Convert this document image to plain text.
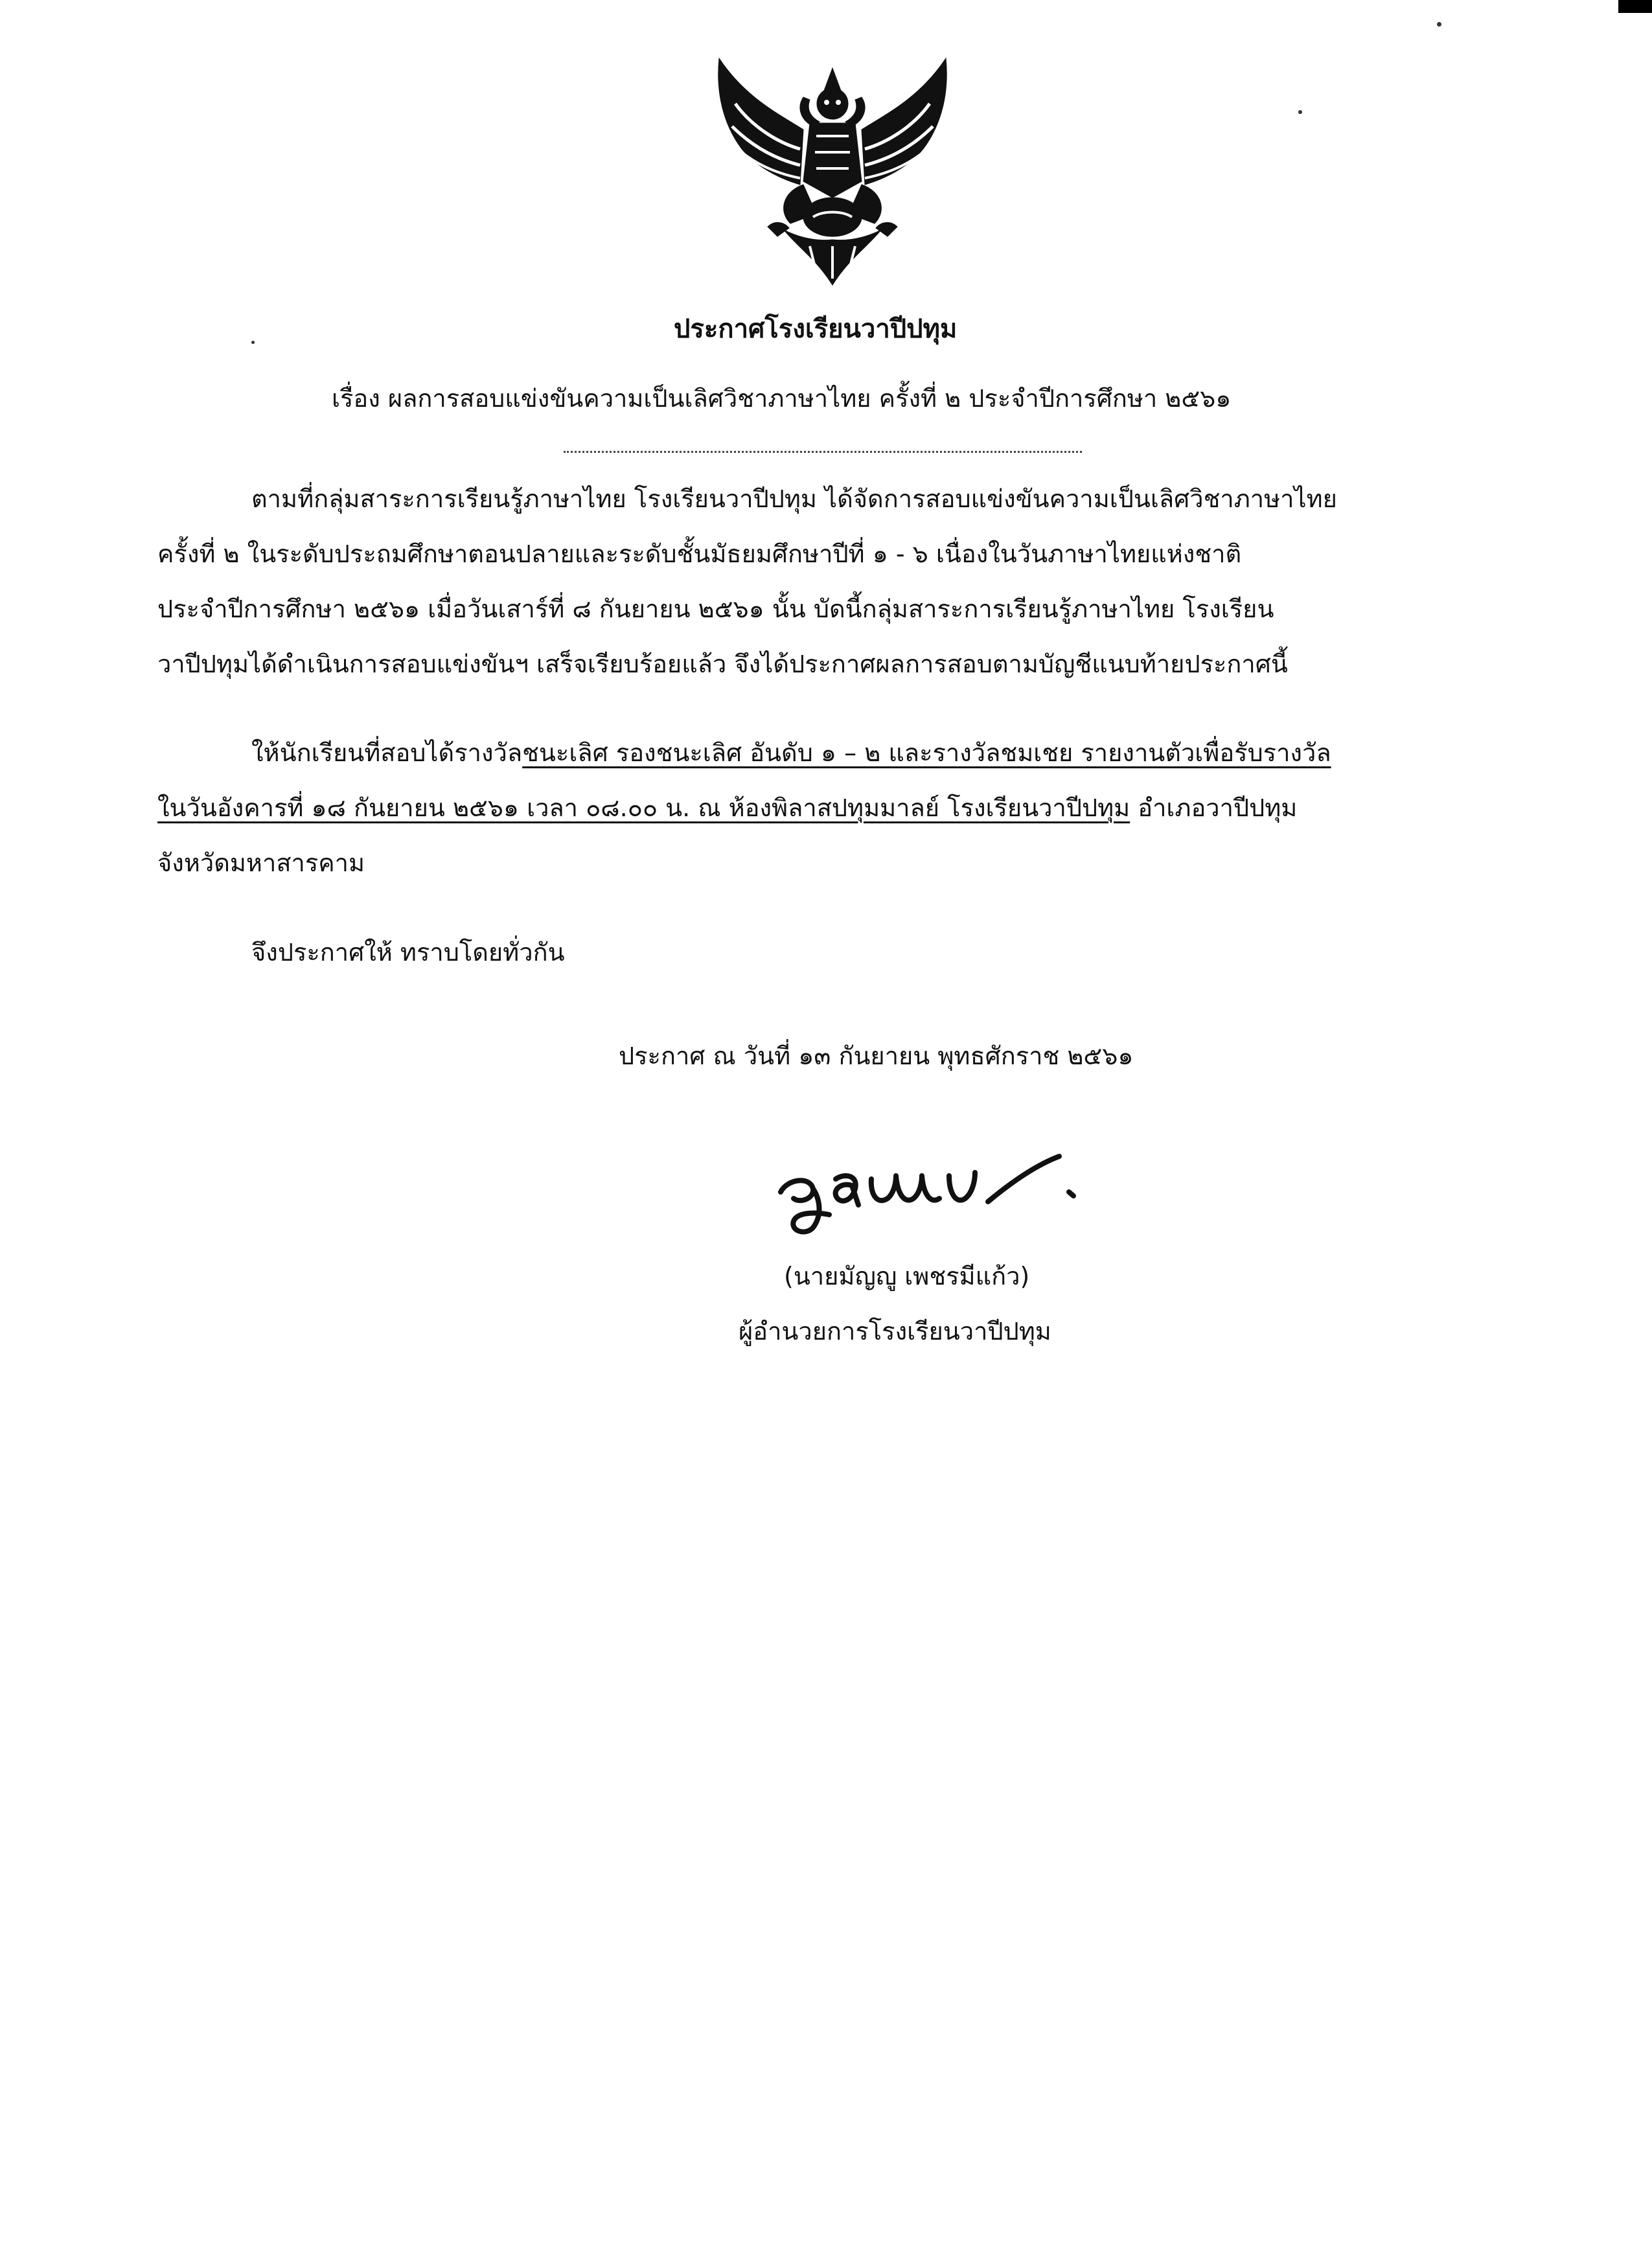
ประกาศโรงเรียนวาปีปทุม
เรื่อง ผลการสอบแข่งขันความเป็นเลิศวิชาภาษาไทย ครั้งที่ ๒ ประจำปีการศึกษา ๒๕๖๑
ตามที่กลุ่มสาระการเรียนรู้ภาษาไทย โรงเรียนวาปีปทุม ได้จัดการสอบแข่งขันความเป็นเลิศวิชาภาษาไทย
ครั้งที่ ๒ ในระดับประถมศึกษาตอนปลายและระดับชั้นมัธยมศึกษาปีที่ ๑ - ๖ เนื่องในวันภาษาไทยแห่งชาติ
ประจำปีการศึกษา ๒๕๖๑ เมื่อวันเสาร์ที่ ๘ กันยายน ๒๕๖๑ นั้น บัดนี้กลุ่มสาระการเรียนรู้ภาษาไทย โรงเรียน
วาปีปทุมได้ดำเนินการสอบแข่งขันฯ เสร็จเรียบร้อยแล้ว จึงได้ประกาศผลการสอบตามบัญชีแนบท้ายประกาศนี้
ให้นักเรียนที่สอบได้รางวัลชนะเลิศ รองชนะเลิศ อันดับ ๑ – ๒ และรางวัลชมเชย รายงานตัวเพื่อรับรางวัล
ในวันอังคารที่ ๑๘ กันยายน ๒๕๖๑ เวลา ๐๘.๐๐ น. ณ ห้องพิลาสปทุมมาลย์ โรงเรียนวาปีปทุม อำเภอวาปีปทุม
จังหวัดมหาสารคาม
จึงประกาศให้ ทราบโดยทั่วกัน
ประกาศ ณ วันที่ ๑๓ กันยายน พุทธศักราช ๒๕๖๑
(นายมัญญู เพชรมีแก้ว)
ผู้อำนวยการโรงเรียนวาปีปทุม
